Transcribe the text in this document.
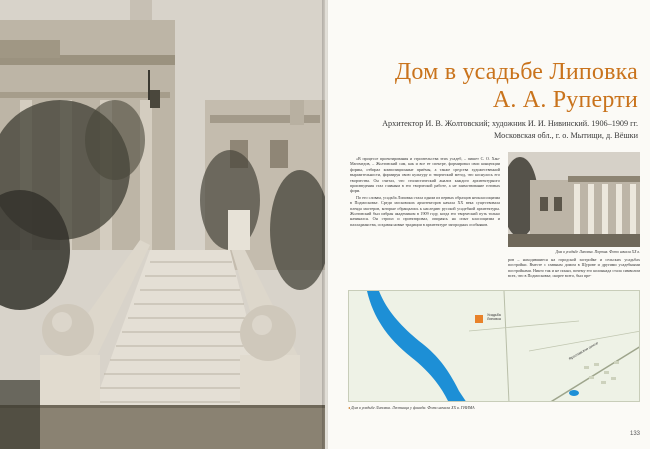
Дом в усадьбе Липовка
А. А. Руперти
Архитектор И. В. Жолтовский; художник И. И. Нивинский. 1906–1909 гг.
Московская обл., г. о. Мытищи, д. Вёшки

«В процессе проектирования и строительства этих усадеб, – пишет С. О. Хан-Магомедов, – Жолтовский сам, как и все ее спектре, формировал свои концепции формы, отбирал композиционные приёмы, а также средства художественной выразительности, формируя свою культуру и творческий метод, что коснулось его творчества. Он считал, что стилистический анализ каждого архитектурного произведения стал главным в его творческой работе, а не заимствование готовых форм.

По его словам, усадьба Липовка стала одним из первых образцов неоклассицизма в Подмосковье. Среди московских архитекторов начала XX века существовала плеяда мастеров, которые обращались к наследию русской усадебной архитектуры. Жолтовский был избран академиком в 1909 году, когда его творческий путь только начинался. Он строил и проектировал, опираясь на опыт классицизма и палладианства, создавая новые традиции в архитектуре загородных особняков.

Дом в усадьбе Липовка. Портик. Фото начала XX в.
ров – находившиеся на городской застройке и сельских усадьбах постройки. Вместе с главным домом в Щурове и другими усадебными постройками. Никто так и не понял, почему его колоннада стала символом всех, что в Подмосковье, скорее всего, был пре-
Усадьба
Липовка
Ярославское шоссе
◂ Дом в усадьбе Липовка. Лестница у фасада. Фото начала XX в. ГНИМА
133
